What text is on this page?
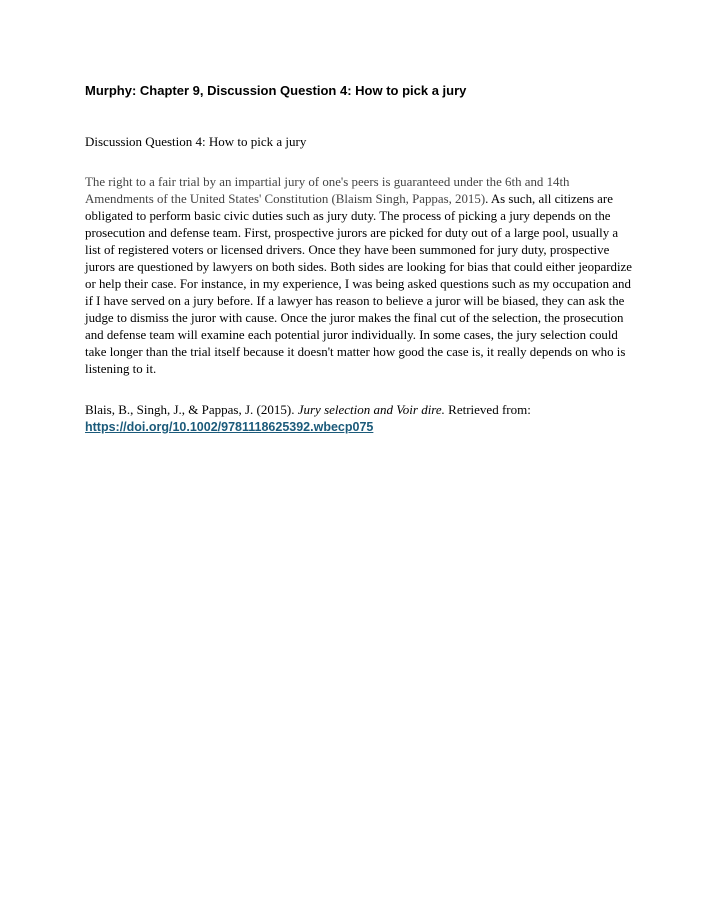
Murphy: Chapter 9, Discussion Question 4: How to pick a jury

Discussion Question 4: How to pick a jury

The right to a fair trial by an impartial jury of one's peers is guaranteed under the 6th and 14th Amendments of the United States' Constitution (Blaism Singh, Pappas, 2015). As such, all citizens are obligated to perform basic civic duties such as jury duty. The process of picking a jury depends on the prosecution and defense team. First, prospective jurors are picked for duty out of a large pool, usually a list of registered voters or licensed drivers. Once they have been summoned for jury duty, prospective jurors are questioned by lawyers on both sides. Both sides are looking for bias that could either jeopardize or help their case. For instance, in my experience, I was being asked questions such as my occupation and if I have served on a jury before. If a lawyer has reason to believe a juror will be biased, they can ask the judge to dismiss the juror with cause. Once the juror makes the final cut of the selection, the prosecution and defense team will examine each potential juror individually. In some cases, the jury selection could take longer than the trial itself because it doesn't matter how good the case is, it really depends on who is listening to it.

Blais, B., Singh, J., & Pappas, J. (2015). Jury selection and Voir dire. Retrieved from:
https://doi.org/10.1002/9781118625392.wbecp075
